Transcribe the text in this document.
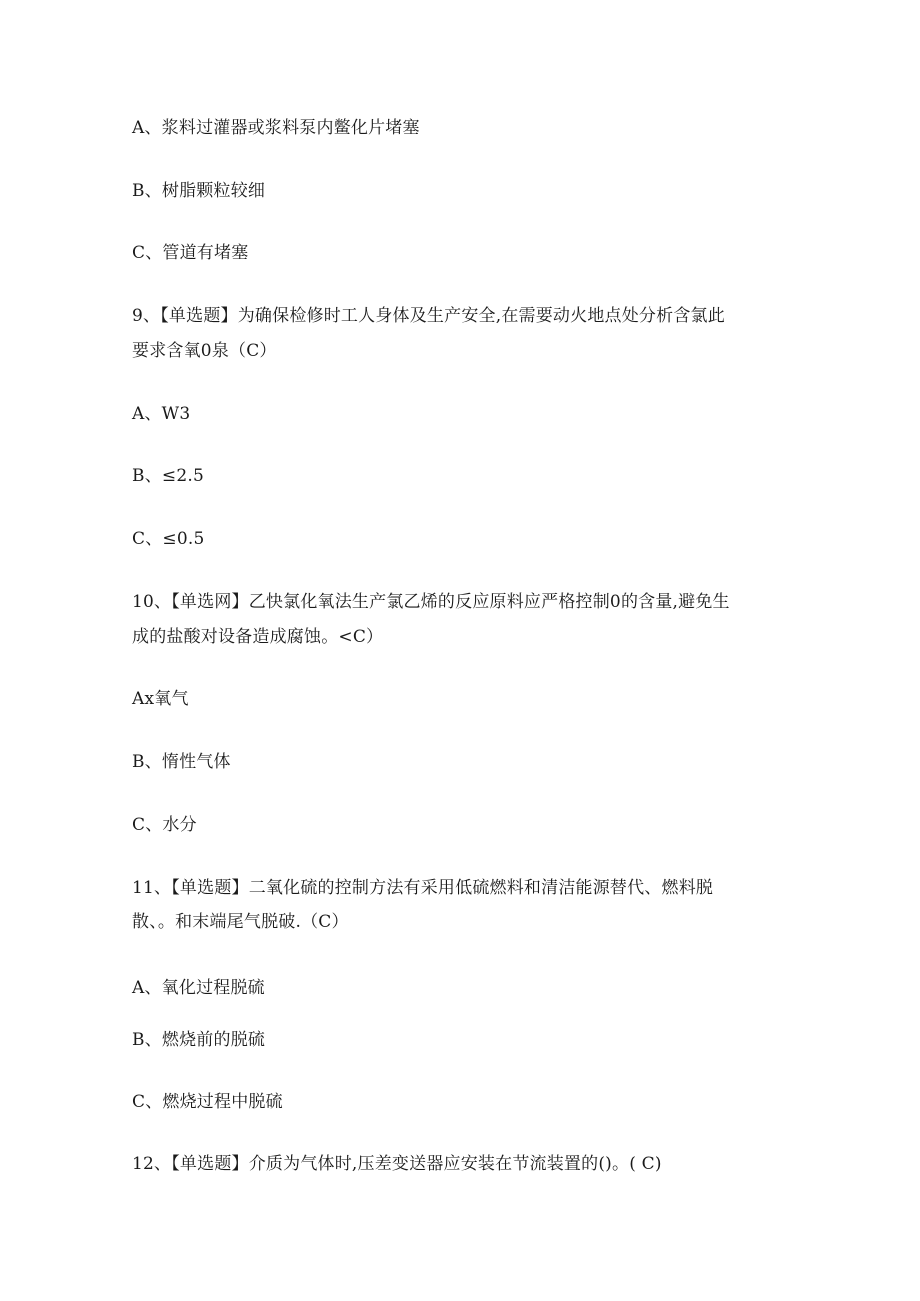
A、浆料过灌器或浆料泵内鳖化片堵塞
B、树脂颗粒较细
C、管道有堵塞
9、【单选题】为确保检修时工人身体及生产安全,在需要动火地点处分析含氯此
要求含氧0泉（C）
A、W3
B、≤2.5
C、≤0.5
10、【单选网】乙快氯化氧法生产氯乙烯的反应原料应严格控制0的含量,避免生
成的盐酸对设备造成腐蚀。<C）
Ax氧气
B、惰性气体
C、水分
11、【单选题】二氧化硫的控制方法有采用低硫燃料和清洁能源替代、燃料脱
散、。和末端尾气脱破.（C）
A、氧化过程脱硫
B、燃烧前的脱硫
C、燃烧过程中脱硫
12、【单选题】介质为气体时,压差变送器应安装在节流装置的()。( C)
